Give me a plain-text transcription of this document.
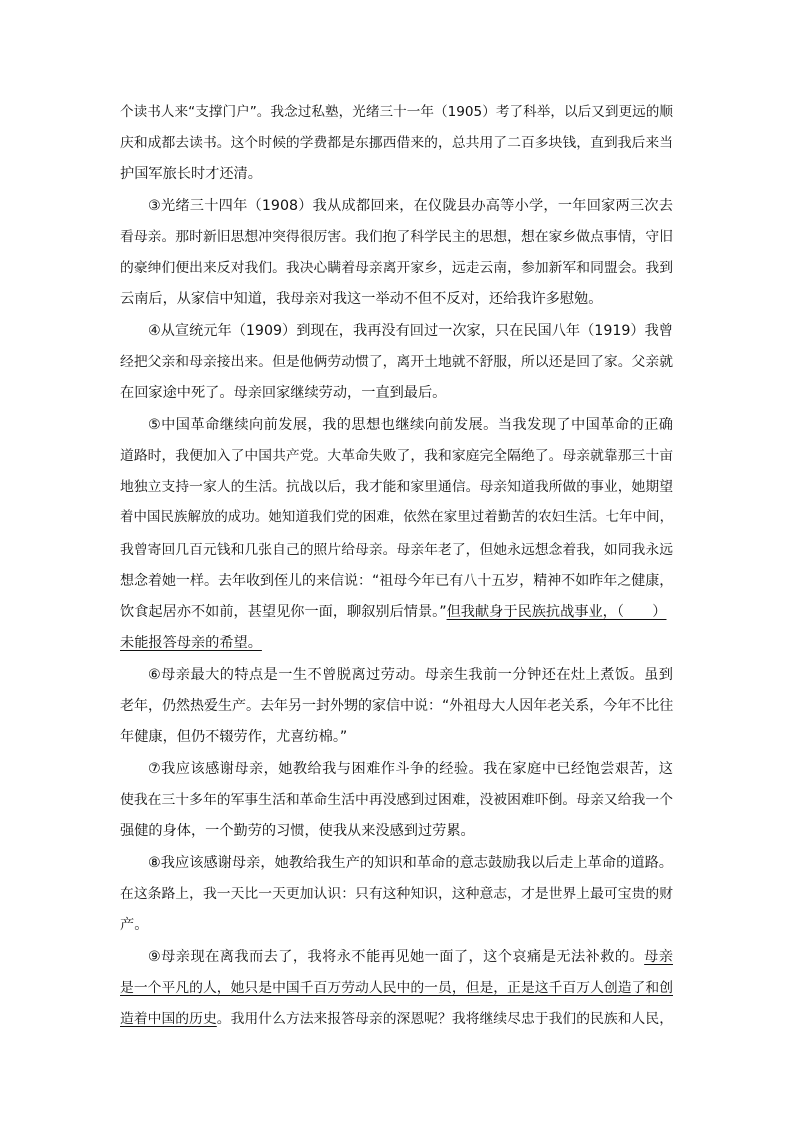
个读书人来“支撑门户”。我念过私塾，光绪三十一年（1905）考了科举，以后又到更远的顺
庆和成都去读书。这个时候的学费都是东挪西借来的，总共用了二百多块钱，直到我后来当
护国军旅长时才还清。
③光绪三十四年（1908）我从成都回来，在仪陇县办高等小学，一年回家两三次去
看母亲。那时新旧思想冲突得很厉害。我们抱了科学民主的思想，想在家乡做点事情，守旧
的豪绅们便出来反对我们。我决心瞒着母亲离开家乡，远走云南，参加新军和同盟会。我到
云南后，从家信中知道，我母亲对我这一举动不但不反对，还给我许多慰勉。
④从宣统元年（1909）到现在，我再没有回过一次家，只在民国八年（1919）我曾
经把父亲和母亲接出来。但是他俩劳动惯了，离开土地就不舒服，所以还是回了家。父亲就
在回家途中死了。母亲回家继续劳动，一直到最后。
⑤中国革命继续向前发展，我的思想也继续向前发展。当我发现了中国革命的正确
道路时，我便加入了中国共产党。大革命失败了，我和家庭完全隔绝了。母亲就靠那三十亩
地独立支持一家人的生活。抗战以后，我才能和家里通信。母亲知道我所做的事业，她期望
着中国民族解放的成功。她知道我们党的困难，依然在家里过着勤苦的农妇生活。七年中间，
我曾寄回几百元钱和几张自己的照片给母亲。母亲年老了，但她永远想念着我，如同我永远
想念着她一样。去年收到侄儿的来信说：“祖母今年已有八十五岁，精神不如昨年之健康，
饮食起居亦不如前，甚望见你一面，聊叙别后情景。”但我献身于民族抗战事业，（　　）
未能报答母亲的希望。
⑥母亲最大的特点是一生不曾脱离过劳动。母亲生我前一分钟还在灶上煮饭。虽到
老年，仍然热爱生产。去年另一封外甥的家信中说：“外祖母大人因年老关系，今年不比往
年健康，但仍不辍劳作，尤喜纺棉。”
⑦我应该感谢母亲，她教给我与困难作斗争的经验。我在家庭中已经饱尝艰苦，这
使我在三十多年的军事生活和革命生活中再没感到过困难，没被困难吓倒。母亲又给我一个
强健的身体，一个勤劳的习惯，使我从来没感到过劳累。
⑧我应该感谢母亲，她教给我生产的知识和革命的意志鼓励我以后走上革命的道路。
在这条路上，我一天比一天更加认识：只有这种知识，这种意志，才是世界上最可宝贵的财
产。
⑨母亲现在离我而去了，我将永不能再见她一面了，这个哀痛是无法补救的。母亲
是一个平凡的人，她只是中国千百万劳动人民中的一员，但是，正是这千百万人创造了和创
造着中国的历史。我用什么方法来报答母亲的深恩呢？我将继续尽忠于我们的民族和人民，
